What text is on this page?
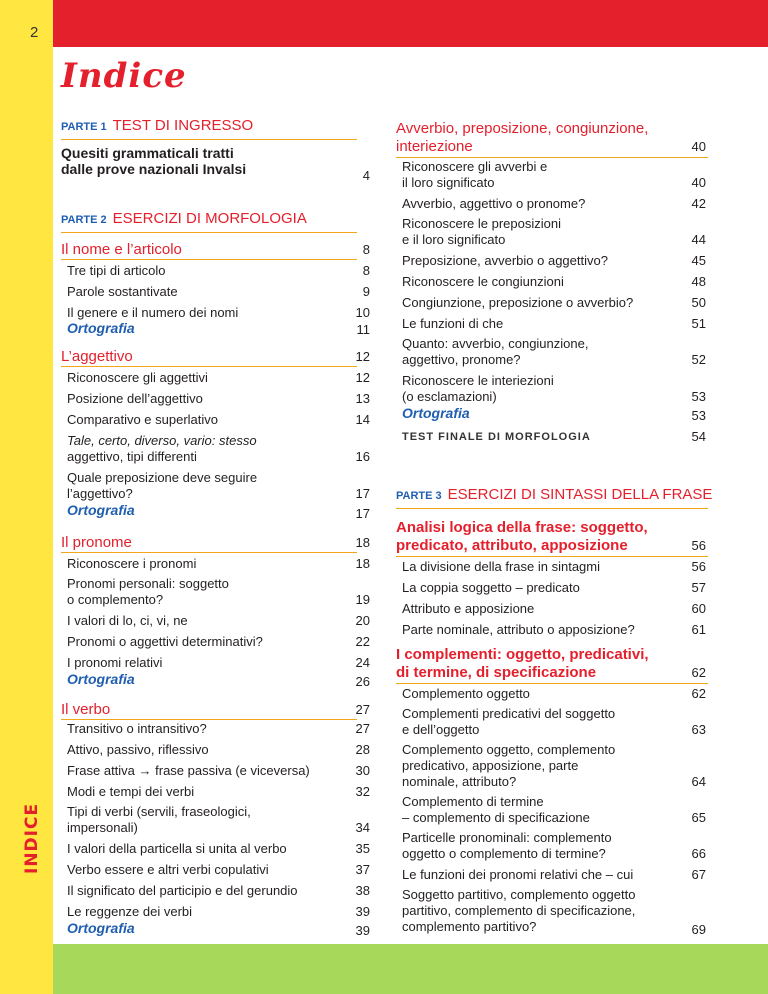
2
INDICE
Indice
PARTE 1 TEST DI INGRESSO
Quesiti grammaticali tratti
dalle prove nazionali Invalsi	4
PARTE 2 ESERCIZI DI MORFOLOGIA
Il nome e l’articolo	8
Tre tipi di articolo	8
Parole sostantivate	9
Il genere e il numero dei nomi	10
Ortografia	11
L’aggettivo	12
Riconoscere gli aggettivi	12
Posizione dell’aggettivo	13
Comparativo e superlativo	14
Tale, certo, diverso, vario: stesso
aggettivo, tipi differenti	16
Quale preposizione deve seguire
l’aggettivo?	17
Ortografia	17
Il pronome	18
Riconoscere i pronomi	18
Pronomi personali: soggetto
o complemento?	19
I valori di lo, ci, vi, ne	20
Pronomi o aggettivi determinativi?	22
I pronomi relativi	24
Ortografia	26
Il verbo	27
Transitivo o intransitivo?	27
Attivo, passivo, riflessivo	28
Frase attiva → frase passiva (e viceversa)	30
Modi e tempi dei verbi	32
Tipi di verbi (servili, fraseologici,
impersonali)	34
I valori della particella si unita al verbo	35
Verbo essere e altri verbi copulativi	37
Il significato del participio e del gerundio	38
Le reggenze dei verbi	39
Ortografia	39
Avverbio, preposizione, congiunzione,
interiezione	40
Riconoscere gli avverbi e
il loro significato	40
Avverbio, aggettivo o pronome?	42
Riconoscere le preposizioni
e il loro significato	44
Preposizione, avverbio o aggettivo?	45
Riconoscere le congiunzioni	48
Congiunzione, preposizione o avverbio?	50
Le funzioni di che	51
Quanto: avverbio, congiunzione,
aggettivo, pronome?	52
Riconoscere le interiezioni
(o esclamazioni)	53
Ortografia	53
TEST FINALE DI MORFOLOGIA	54
PARTE 3 ESERCIZI DI SINTASSI DELLA FRASE
Analisi logica della frase: soggetto,
predicato, attributo, apposizione	56
La divisione della frase in sintagmi	56
La coppia soggetto – predicato	57
Attributo e apposizione	60
Parte nominale, attributo o apposizione?	61
I complementi: oggetto, predicativi,
di termine, di specificazione	62
Complemento oggetto	62
Complementi predicativi del soggetto
e dell’oggetto	63
Complemento oggetto, complemento
predicativo, apposizione, parte
nominale, attributo?	64
Complemento di termine
– complemento di specificazione	65
Particelle pronominali: complemento
oggetto o complemento di termine?	66
Le funzioni dei pronomi relativi che – cui	67
Soggetto partitivo, complemento oggetto
partitivo, complemento di specificazione,
complemento partitivo?	69
